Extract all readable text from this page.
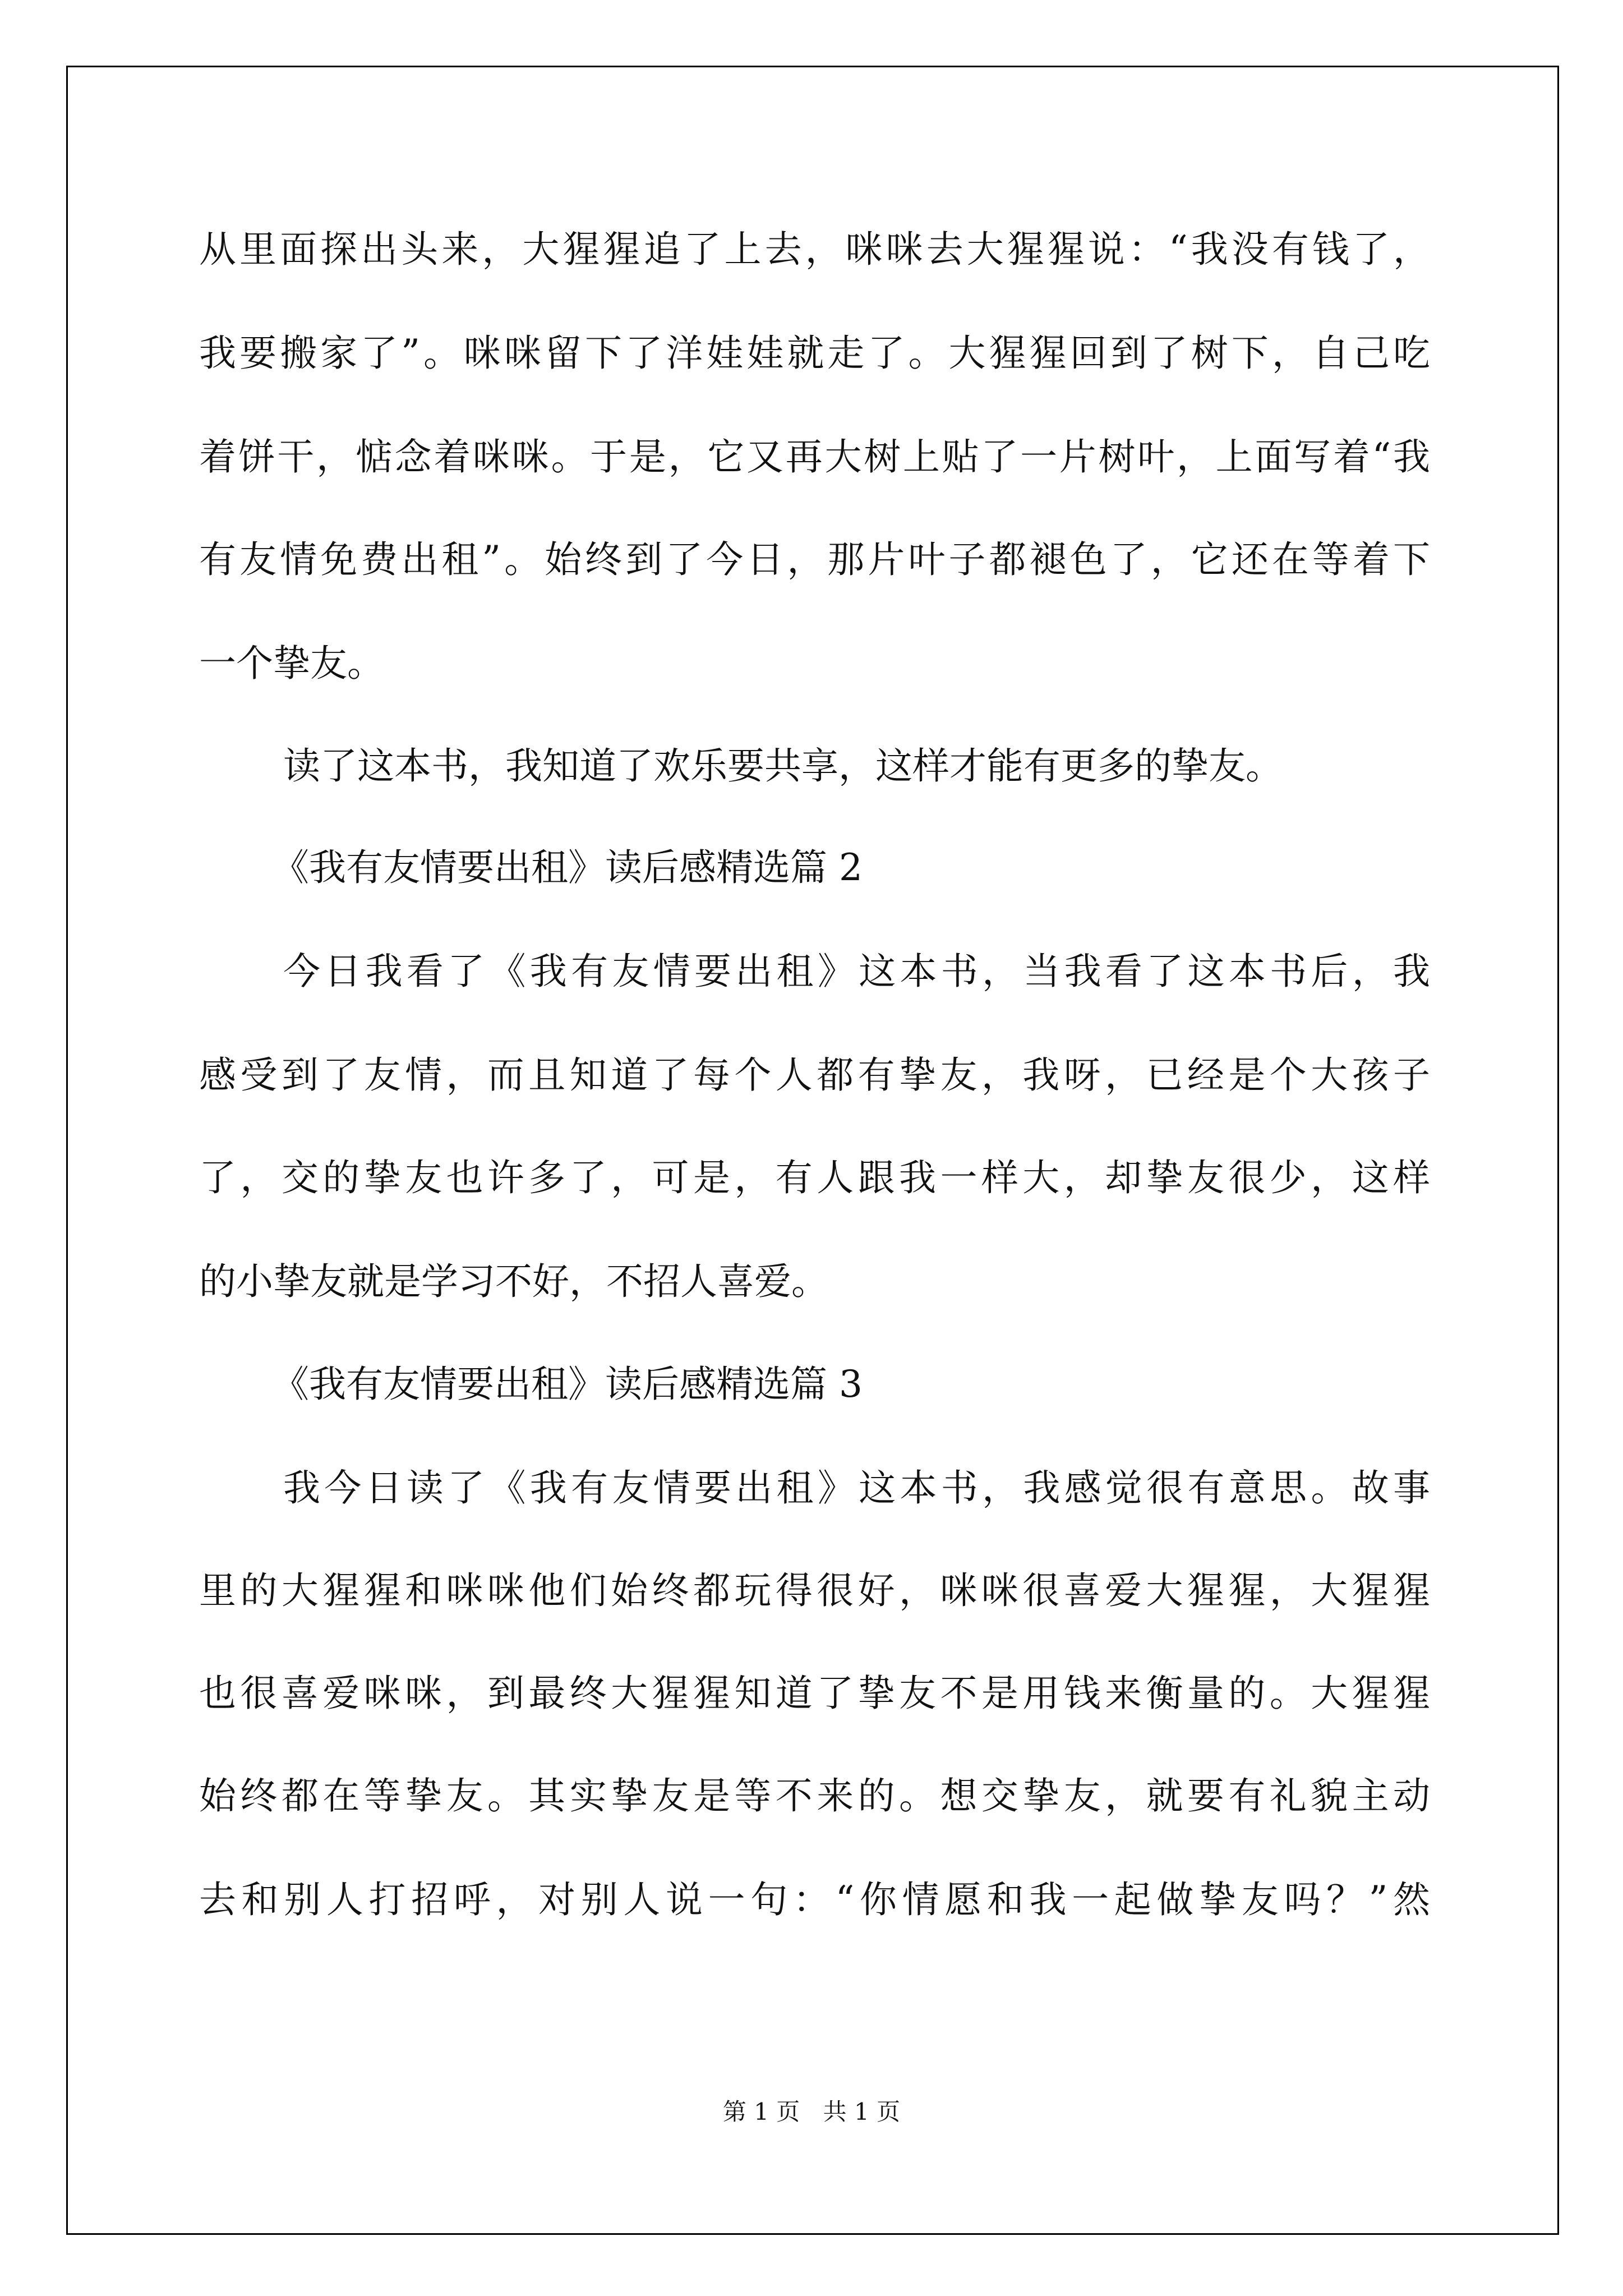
从里面探出头来，大猩猩追了上去，咪咪去大猩猩说：“我没有钱了，
我要搬家了”。咪咪留下了洋娃娃就走了。大猩猩回到了树下，自己吃
着饼干，惦念着咪咪。于是，它又再大树上贴了一片树叶，上面写着“我
有友情免费出租”。始终到了今日，那片叶子都褪色了，它还在等着下
一个挚友。
读了这本书，我知道了欢乐要共享，这样才能有更多的挚友。
《我有友情要出租》读后感精选篇 2
今日我看了《我有友情要出租》这本书，当我看了这本书后，我
感受到了友情，而且知道了每个人都有挚友，我呀，已经是个大孩子
了，交的挚友也许多了，可是，有人跟我一样大，却挚友很少，这样
的小挚友就是学习不好，不招人喜爱。
《我有友情要出租》读后感精选篇 3
我今日读了《我有友情要出租》这本书，我感觉很有意思。故事
里的大猩猩和咪咪他们始终都玩得很好，咪咪很喜爱大猩猩，大猩猩
也很喜爱咪咪，到最终大猩猩知道了挚友不是用钱来衡量的。大猩猩
始终都在等挚友。其实挚友是等不来的。想交挚友，就要有礼貌主动
去和别人打招呼，对别人说一句：“你情愿和我一起做挚友吗？”然
第 1 页 共 1 页
